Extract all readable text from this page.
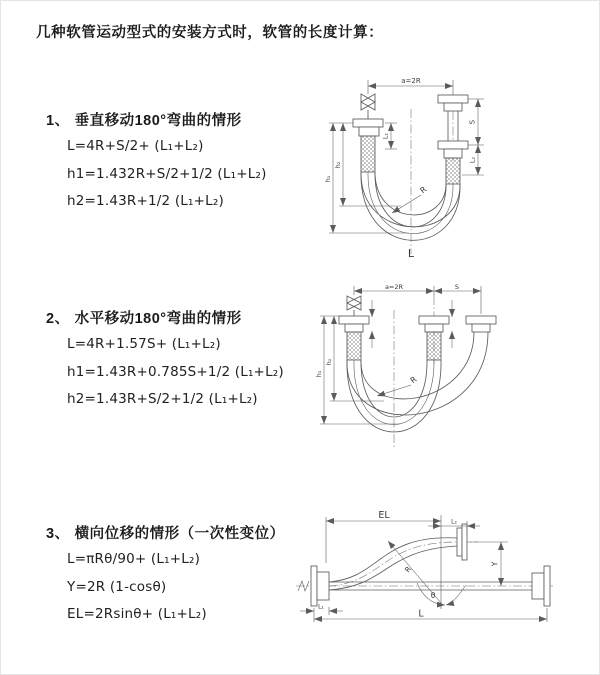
几种软管运动型式的安装方式时，软管的长度计算：
1、 垂直移动180°弯曲的情形
L=4R+S/2+ (L₁+L₂)
h1=1.432R+S/2+1/2 (L₁+L₂)
h2=1.43R+1/2 (L₁+L₂)
a=2R
L₁
h₂
h₁
S
L₂
R
L
2、 水平移动180°弯曲的情形
L=4R+1.57S+ (L₁+L₂)
h1=1.43R+0.785S+1/2 (L₁+L₂)
h2=1.43R+S/2+1/2 (L₁+L₂)
a=2R	S
h₂
h₁
R
3、 横向位移的情形（一次性变位）
L=πRθ/90+ (L₁+L₂)
Y=2R (1-cosθ)
EL=2Rsinθ+ (L₁+L₂)
EL
L₂
Y
R
θ
L
L₁
